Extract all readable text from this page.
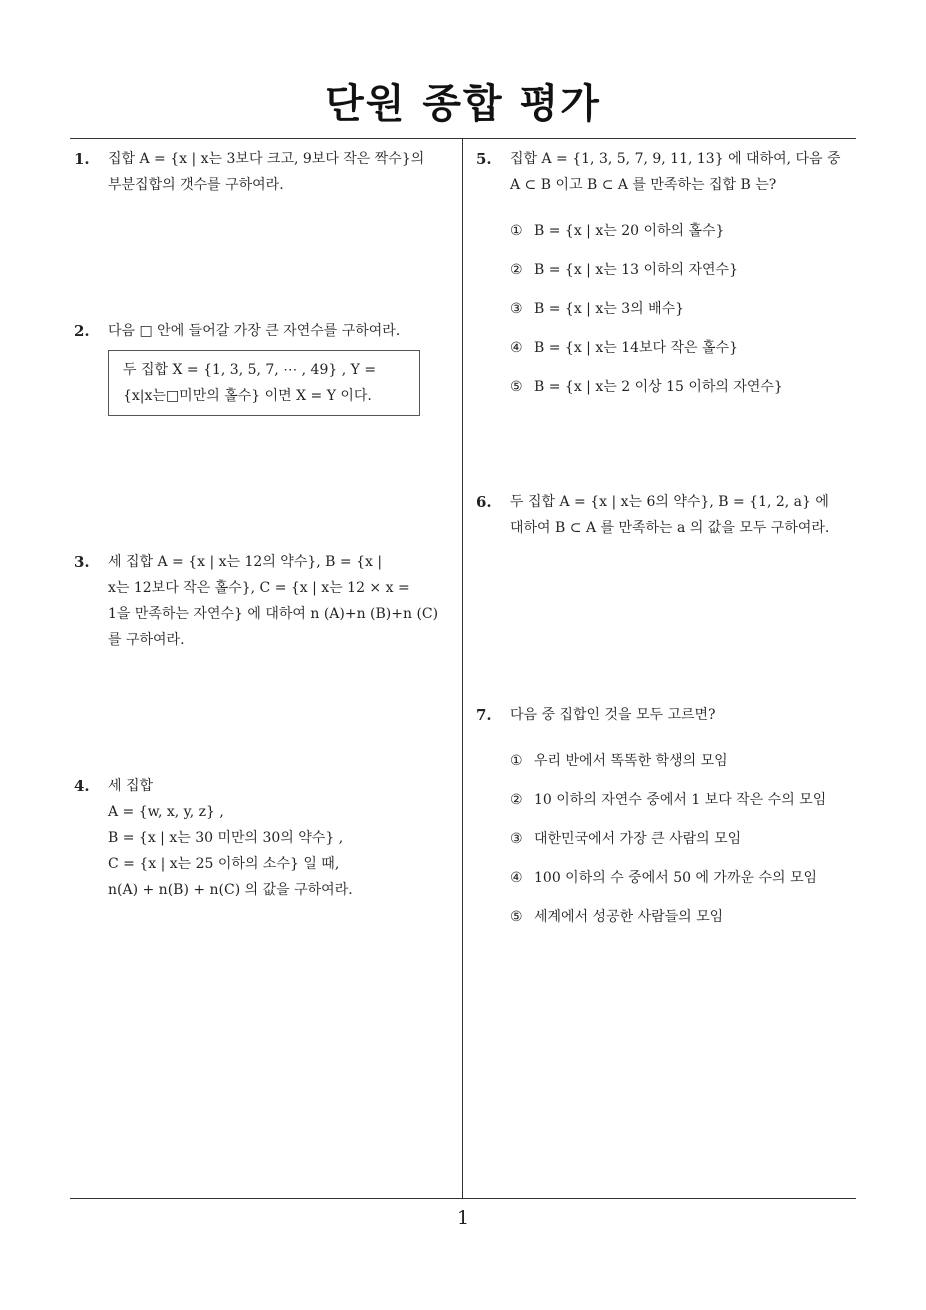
단원 종합 평가
1
1. 집합 A = {x | x는 3보다 크고, 9보다 작은 짝수}의
부분집합의 갯수를 구하여라.
2. 다음 □ 안에 들어갈 가장 큰 자연수를 구하여라.
두 집합 X = {1, 3, 5, 7, ⋯ , 49} , Y =
{x|x는□미만의 홀수} 이면 X = Y 이다.
3. 세 집합 A = {x | x는 12의 약수}, B = {x |
x는 12보다 작은 홀수}, C = {x | x는 12 × x =
1을 만족하는 자연수} 에 대하여 n (A)+n (B)+n (C)
를 구하여라.
4. 세 집합
A = {w, x, y, z} ,
B = {x | x는 30 미만의 30의 약수} ,
C = {x | x는 25 이하의 소수} 일 때,
n(A) + n(B) + n(C) 의 값을 구하여라.
5. 집합 A = {1, 3, 5, 7, 9, 11, 13} 에 대하여, 다음 중
A ⊂ B 이고 B ⊂ A 를 만족하는 집합 B 는?
① B = {x | x는 20 이하의 홀수}
② B = {x | x는 13 이하의 자연수}
③ B = {x | x는 3의 배수}
④ B = {x | x는 14보다 작은 홀수}
⑤ B = {x | x는 2 이상 15 이하의 자연수}
6. 두 집합 A = {x | x는 6의 약수}, B = {1, 2, a} 에
대하여 B ⊂ A 를 만족하는 a 의 값을 모두 구하여라.
7. 다음 중 집합인 것을 모두 고르면?
① 우리 반에서 똑똑한 학생의 모임
② 10 이하의 자연수 중에서 1 보다 작은 수의 모임
③ 대한민국에서 가장 큰 사람의 모임
④ 100 이하의 수 중에서 50 에 가까운 수의 모임
⑤ 세계에서 성공한 사람들의 모임
